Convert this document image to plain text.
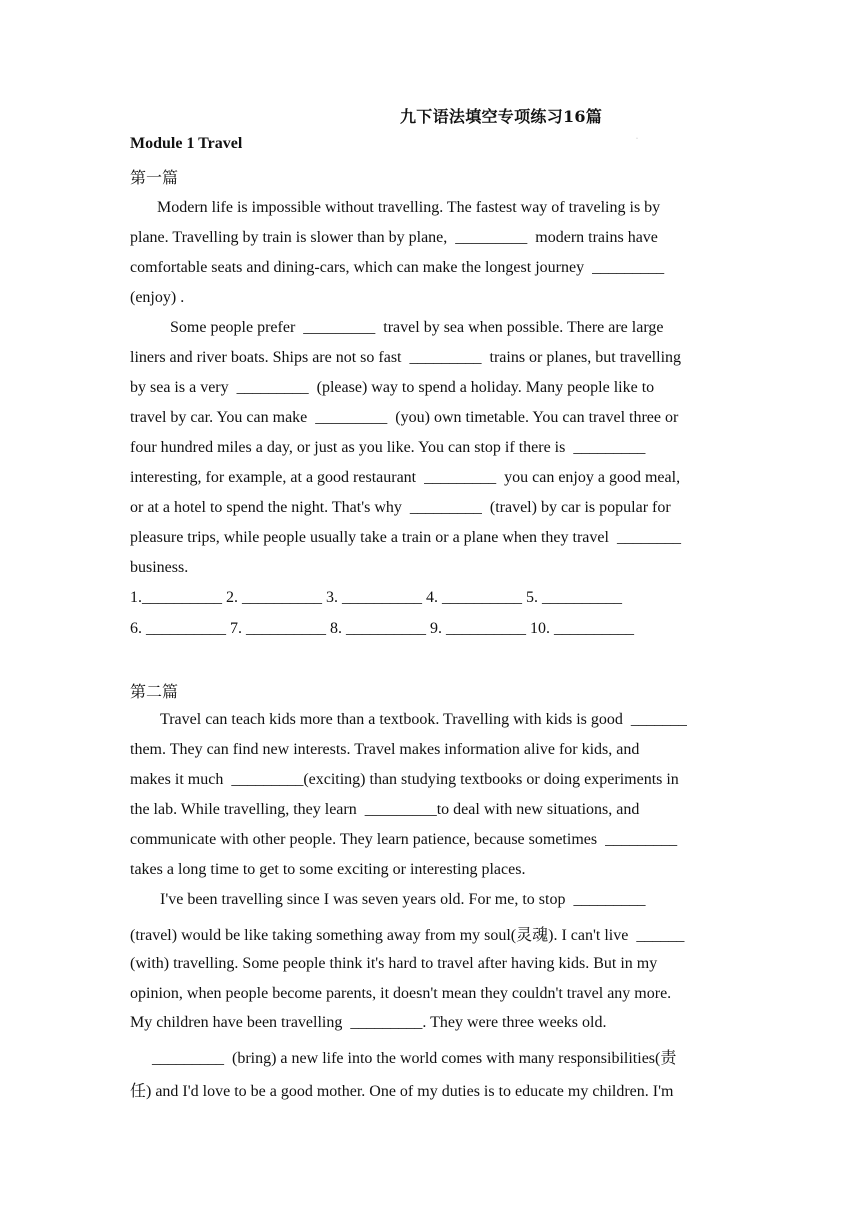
九下语法填空专项练习16篇
·
Module 1 Travel
第一篇
Modern life is impossible without travelling. The fastest way of traveling is by
plane. Travelling by train is slower than by plane,  _________  modern trains have
comfortable seats and dining-cars, which can make the longest journey  _________
(enjoy) .
Some people prefer  _________  travel by sea when possible. There are large
liners and river boats. Ships are not so fast  _________  trains or planes, but travelling
by sea is a very  _________  (please) way to spend a holiday. Many people like to
travel by car. You can make  _________  (you) own timetable. You can travel three or
four hundred miles a day, or just as you like. You can stop if there is  _________
interesting, for example, at a good restaurant  _________  you can enjoy a good meal,
or at a hotel to spend the night. That's why  _________  (travel) by car is popular for
pleasure trips, while people usually take a train or a plane when they travel  ________
business.
1.__________ 2. __________ 3. __________ 4. __________ 5. __________
6. __________ 7. __________ 8. __________ 9. __________ 10. __________
第二篇
Travel can teach kids more than a textbook. Travelling with kids is good  _______
them. They can find new interests. Travel makes information alive for kids, and
makes it much  _________(exciting) than studying textbooks or doing experiments in
the lab. While travelling, they learn  _________to deal with new situations, and
communicate with other people. They learn patience, because sometimes  _________
takes a long time to get to some exciting or interesting places.
I've been travelling since I was seven years old. For me, to stop  _________
(travel) would be like taking something away from my soul(灵魂). I can't live  ______
(with) travelling. Some people think it's hard to travel after having kids. But in my
opinion, when people become parents, it doesn't mean they couldn't travel any more.
My children have been travelling  _________. They were three weeks old.
_________  (bring) a new life into the world comes with many responsibilities(责
任) and I'd love to be a good mother. One of my duties is to educate my children. I'm
